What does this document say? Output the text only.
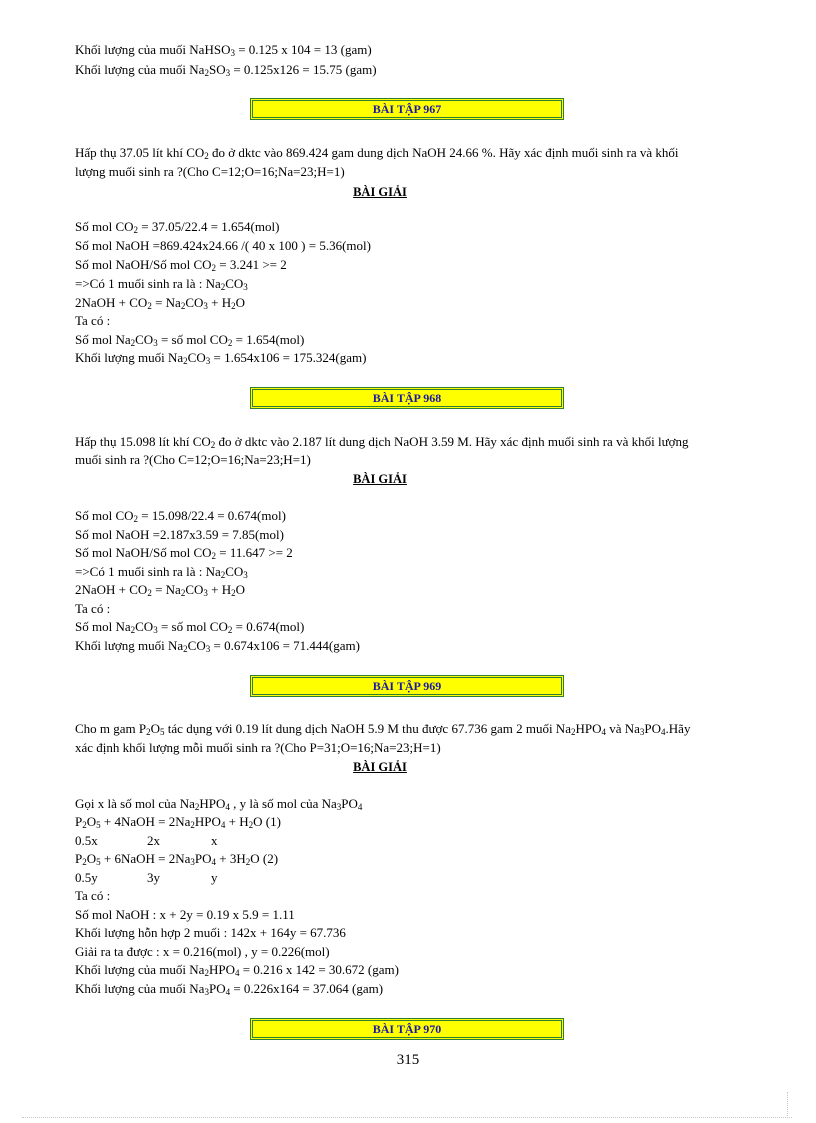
Khối lượng của muối NaHSO$_3$ = 0.125 x 104 = 13 (gam)
Khối lượng của muối $Na_2SO_3 = 0.125x126 = 15.75$ (gam)
BÀI TẬP 967
Hấp thụ 37.05 lít khí $CO_2$ đo ở dktc vào 869.424 gam dung dịch NaOH 24.66 %. Hãy xác định muối sinh ra và khối
lượng muối sinh ra ?(Cho C=12;O=16;Na=23;H=1)
BÀI GIẢI
Số mol $CO_2 = 37.05/22.4 = 1.654(mol)$
Số mol NaOH =869.424x24.66 /( 40 x 100 ) = 5.36(mol)
Số mol NaOH/Số mol $CO_2 = 3.241 >= 2$
=>Có 1 muối sinh ra là : $Na_2CO_3$
2NaOH + $CO_2 = Na_2CO_3 + H_2O$
Ta có :
Số mol $Na_2CO_3$ = số mol $CO_2 = 1.654(mol)$
Khối lượng muối $Na_2CO_3 = 1.654x106 = 175.324(gam)$
BÀI TẬP 968
Hấp thụ 15.098 lít khí $CO_2$ đo ở dktc vào 2.187 lít dung dịch NaOH 3.59 M. Hãy xác định muối sinh ra và khối lượng
muối sinh ra ?(Cho C=12;O=16;Na=23;H=1)
BÀI GIẢI
Số mol $CO_2 = 15.098/22.4 = 0.674(mol)$
Số mol NaOH =2.187x3.59 = 7.85(mol)
Số mol NaOH/Số mol $CO_2 = 11.647 >= 2$
=>Có 1 muối sinh ra là : $Na_2CO_3$
2NaOH + $CO_2 = Na_2CO_3 + H_2O$
Ta có :
Số mol $Na_2CO_3$ = số mol $CO_2 = 0.674(mol)$
Khối lượng muối $Na_2CO_3 = 0.674x106 = 71.444(gam)$
BÀI TẬP 969
Cho m gam $P_2O_5$ tác dụng với 0.19 lít dung dịch NaOH 5.9 M thu được 67.736 gam 2 muối $Na_2HPO_4$ và $Na_3PO_4.Hãy$
xác định khối lượng mỗi muối sinh ra ?(Cho P=31;O=16;Na=23;H=1)
BÀI GIẢI
Gọi x là số mol của $Na_2HPO_4$ , y là số mol của $Na_3PO_4$
$P_2O_5$ + 4NaOH = $2Na_2HPO_4 + H_2O$ (1)
0.5x	2x	x
$P_2O_5$ + 6NaOH = $2Na_3PO_4 + 3H_2O$ (2)
0.5y	3y	y
Ta có :
Số mol NaOH : x + 2y = 0.19 x 5.9 = 1.11
Khối lượng hỗn hợp 2 muối : 142x + 164y = 67.736
Giải ra ta được : x = 0.216(mol) , y = 0.226(mol)
Khối lượng của muối $Na_2HPO_4 = 0.216$ x 142 = 30.672 (gam)
Khối lượng của muối $Na_3PO_4 = 0.226x164 = 37.064$ (gam)
BÀI TẬP 970
315
